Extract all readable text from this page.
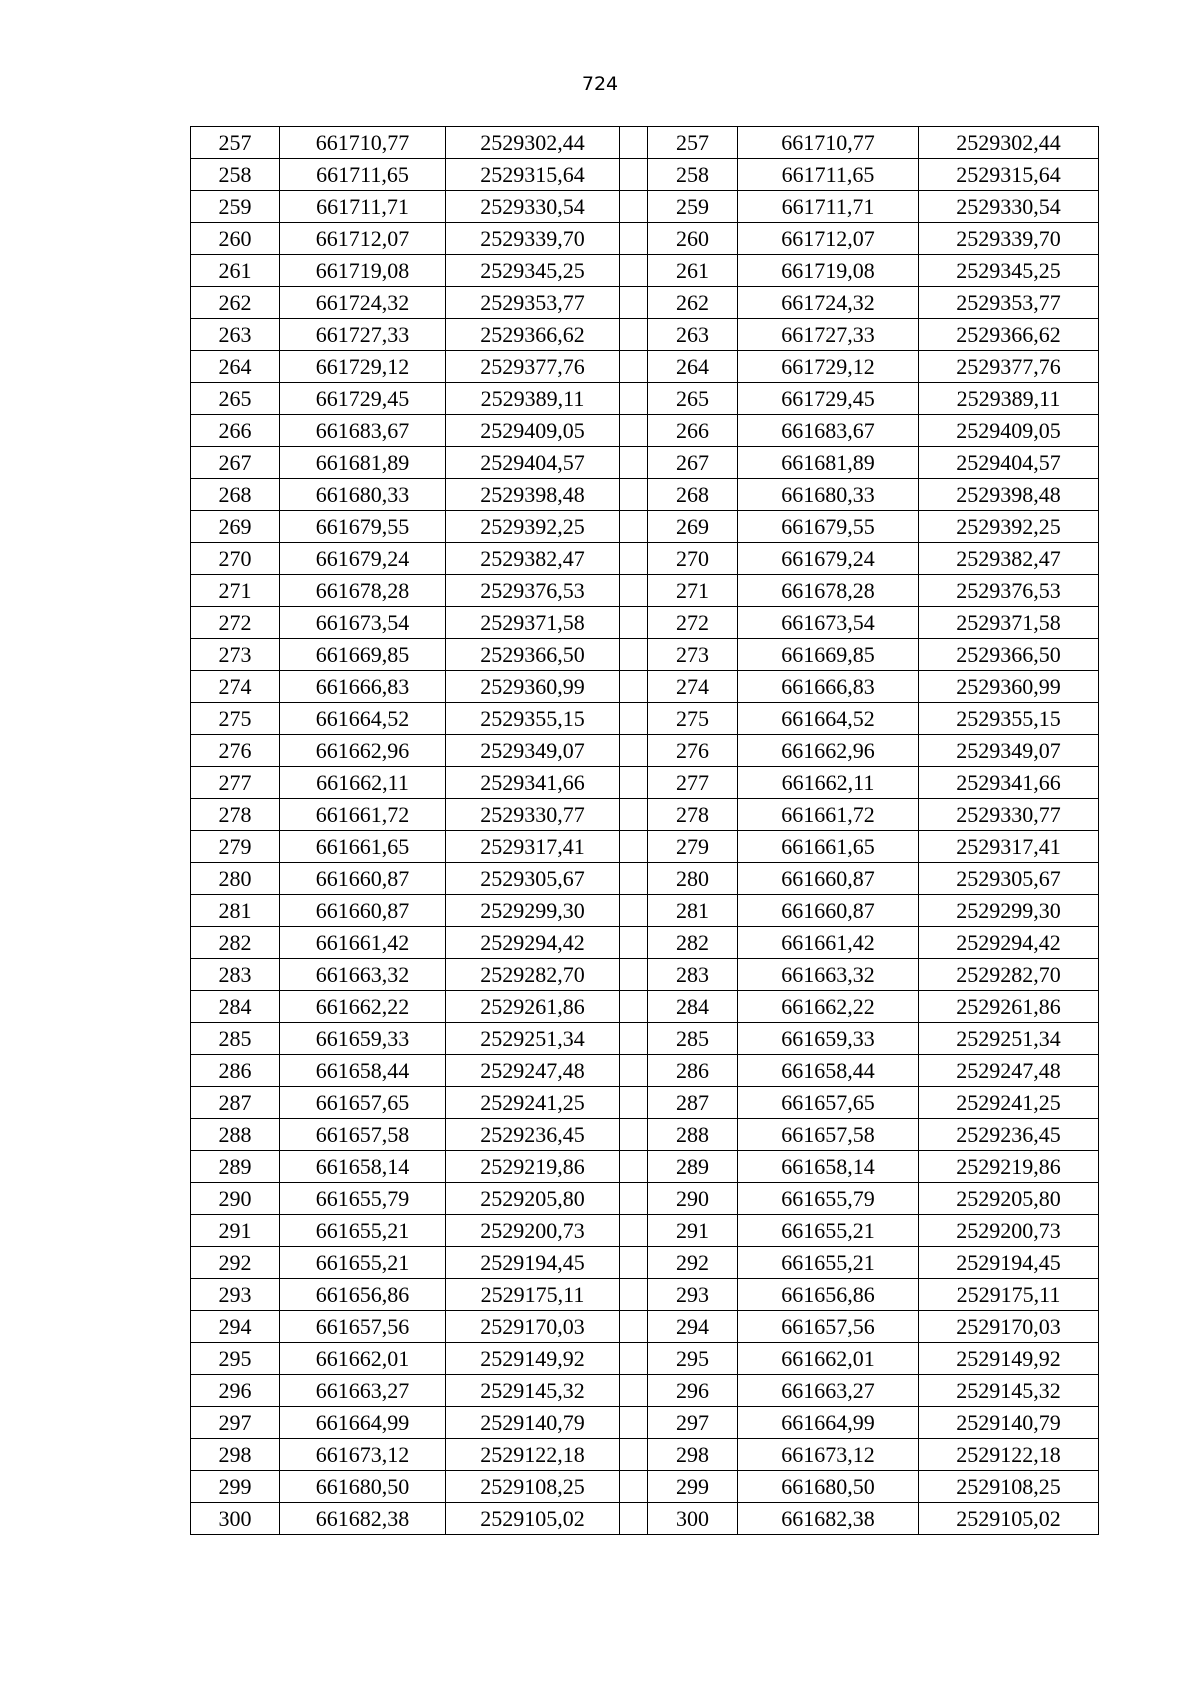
724
257	661710,77	2529302,44		257	661710,77	2529302,44
258	661711,65	2529315,64		258	661711,65	2529315,64
259	661711,71	2529330,54		259	661711,71	2529330,54
260	661712,07	2529339,70		260	661712,07	2529339,70
261	661719,08	2529345,25		261	661719,08	2529345,25
262	661724,32	2529353,77		262	661724,32	2529353,77
263	661727,33	2529366,62		263	661727,33	2529366,62
264	661729,12	2529377,76		264	661729,12	2529377,76
265	661729,45	2529389,11		265	661729,45	2529389,11
266	661683,67	2529409,05		266	661683,67	2529409,05
267	661681,89	2529404,57		267	661681,89	2529404,57
268	661680,33	2529398,48		268	661680,33	2529398,48
269	661679,55	2529392,25		269	661679,55	2529392,25
270	661679,24	2529382,47		270	661679,24	2529382,47
271	661678,28	2529376,53		271	661678,28	2529376,53
272	661673,54	2529371,58		272	661673,54	2529371,58
273	661669,85	2529366,50		273	661669,85	2529366,50
274	661666,83	2529360,99		274	661666,83	2529360,99
275	661664,52	2529355,15		275	661664,52	2529355,15
276	661662,96	2529349,07		276	661662,96	2529349,07
277	661662,11	2529341,66		277	661662,11	2529341,66
278	661661,72	2529330,77		278	661661,72	2529330,77
279	661661,65	2529317,41		279	661661,65	2529317,41
280	661660,87	2529305,67		280	661660,87	2529305,67
281	661660,87	2529299,30		281	661660,87	2529299,30
282	661661,42	2529294,42		282	661661,42	2529294,42
283	661663,32	2529282,70		283	661663,32	2529282,70
284	661662,22	2529261,86		284	661662,22	2529261,86
285	661659,33	2529251,34		285	661659,33	2529251,34
286	661658,44	2529247,48		286	661658,44	2529247,48
287	661657,65	2529241,25		287	661657,65	2529241,25
288	661657,58	2529236,45		288	661657,58	2529236,45
289	661658,14	2529219,86		289	661658,14	2529219,86
290	661655,79	2529205,80		290	661655,79	2529205,80
291	661655,21	2529200,73		291	661655,21	2529200,73
292	661655,21	2529194,45		292	661655,21	2529194,45
293	661656,86	2529175,11		293	661656,86	2529175,11
294	661657,56	2529170,03		294	661657,56	2529170,03
295	661662,01	2529149,92		295	661662,01	2529149,92
296	661663,27	2529145,32		296	661663,27	2529145,32
297	661664,99	2529140,79		297	661664,99	2529140,79
298	661673,12	2529122,18		298	661673,12	2529122,18
299	661680,50	2529108,25		299	661680,50	2529108,25
300	661682,38	2529105,02		300	661682,38	2529105,02
